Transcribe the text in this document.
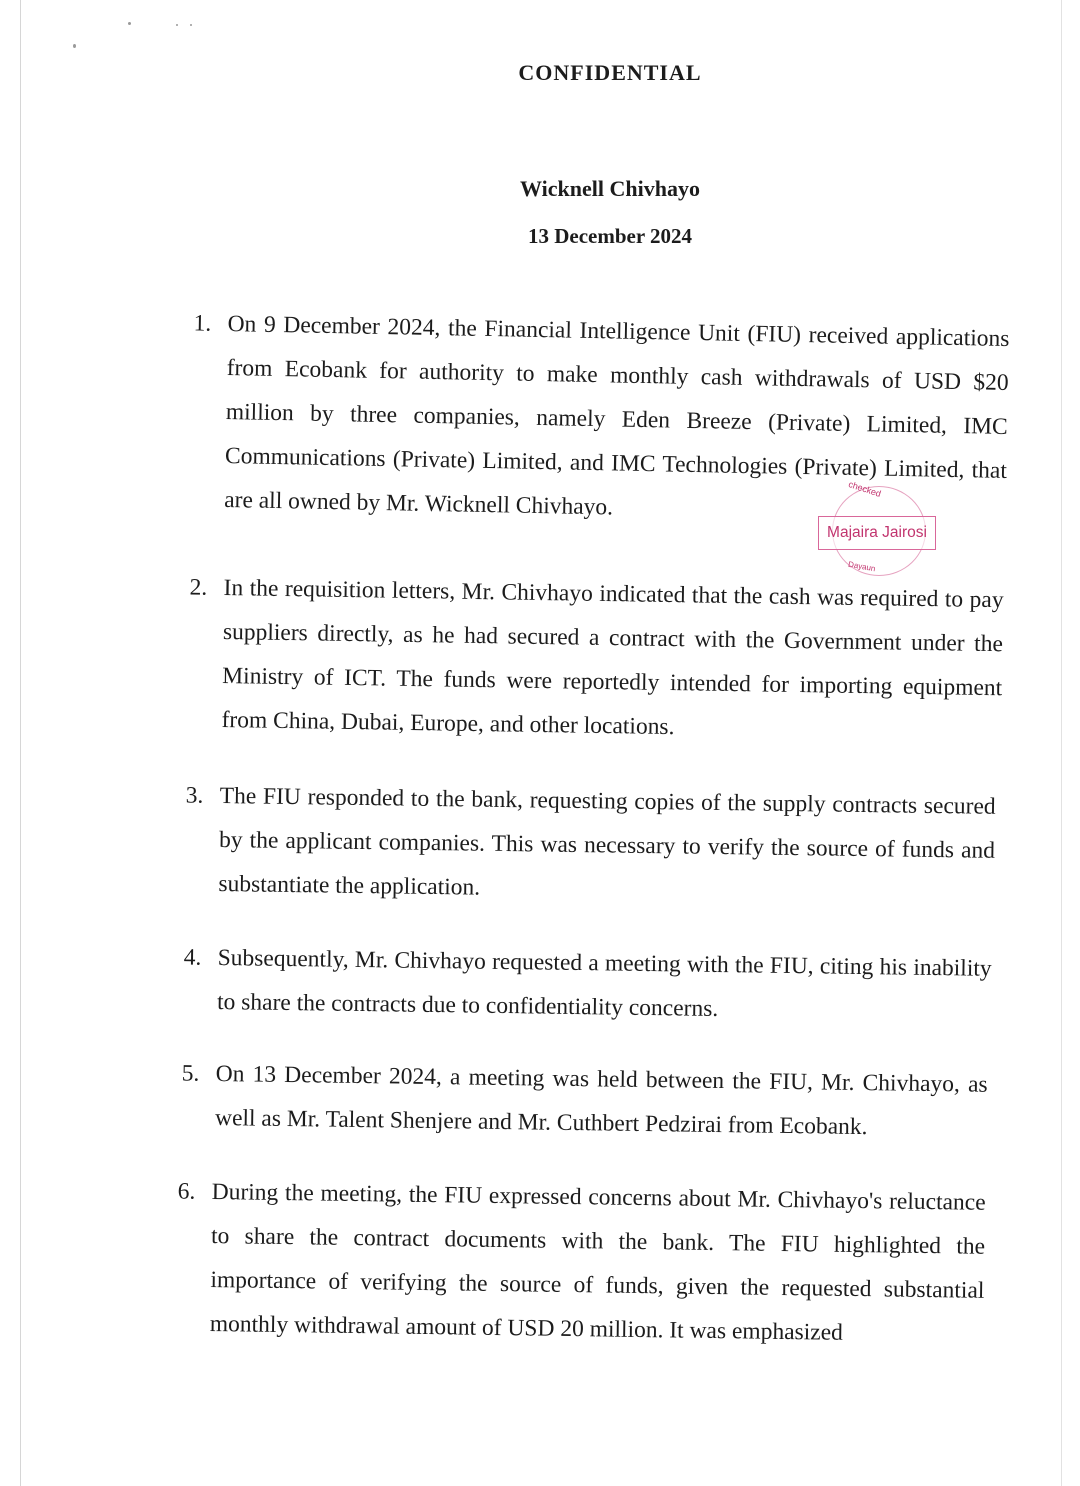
CONFIDENTIAL
Wicknell Chivhayo
13 December 2024
1. On 9 December 2024, the Financial Intelligence Unit (FIU) received applications from Ecobank for authority to make monthly cash withdrawals of USD $20 million by three companies, namely Eden Breeze (Private) Limited, IMC Communications (Private) Limited, and IMC Technologies (Private) Limited, that are all owned by Mr. Wicknell Chivhayo.
2. In the requisition letters, Mr. Chivhayo indicated that the cash was required to pay suppliers directly, as he had secured a contract with the Government under the Ministry of ICT. The funds were reportedly intended for importing equipment from China, Dubai, Europe, and other locations.
3. The FIU responded to the bank, requesting copies of the supply contracts secured by the applicant companies. This was necessary to verify the source of funds and substantiate the application.
4. Subsequently, Mr. Chivhayo requested a meeting with the FIU, citing his inability to share the contracts due to confidentiality concerns.
5. On 13 December 2024, a meeting was held between the FIU, Mr. Chivhayo, as well as Mr. Talent Shenjere and Mr. Cuthbert Pedzirai from Ecobank.
6. During the meeting, the FIU expressed concerns about Mr. Chivhayo's reluctance to share the contract documents with the bank. The FIU highlighted the importance of verifying the source of funds, given the requested substantial monthly withdrawal amount of USD 20 million. It was emphasized
checked
Majaira Jairosi
Dayaun
